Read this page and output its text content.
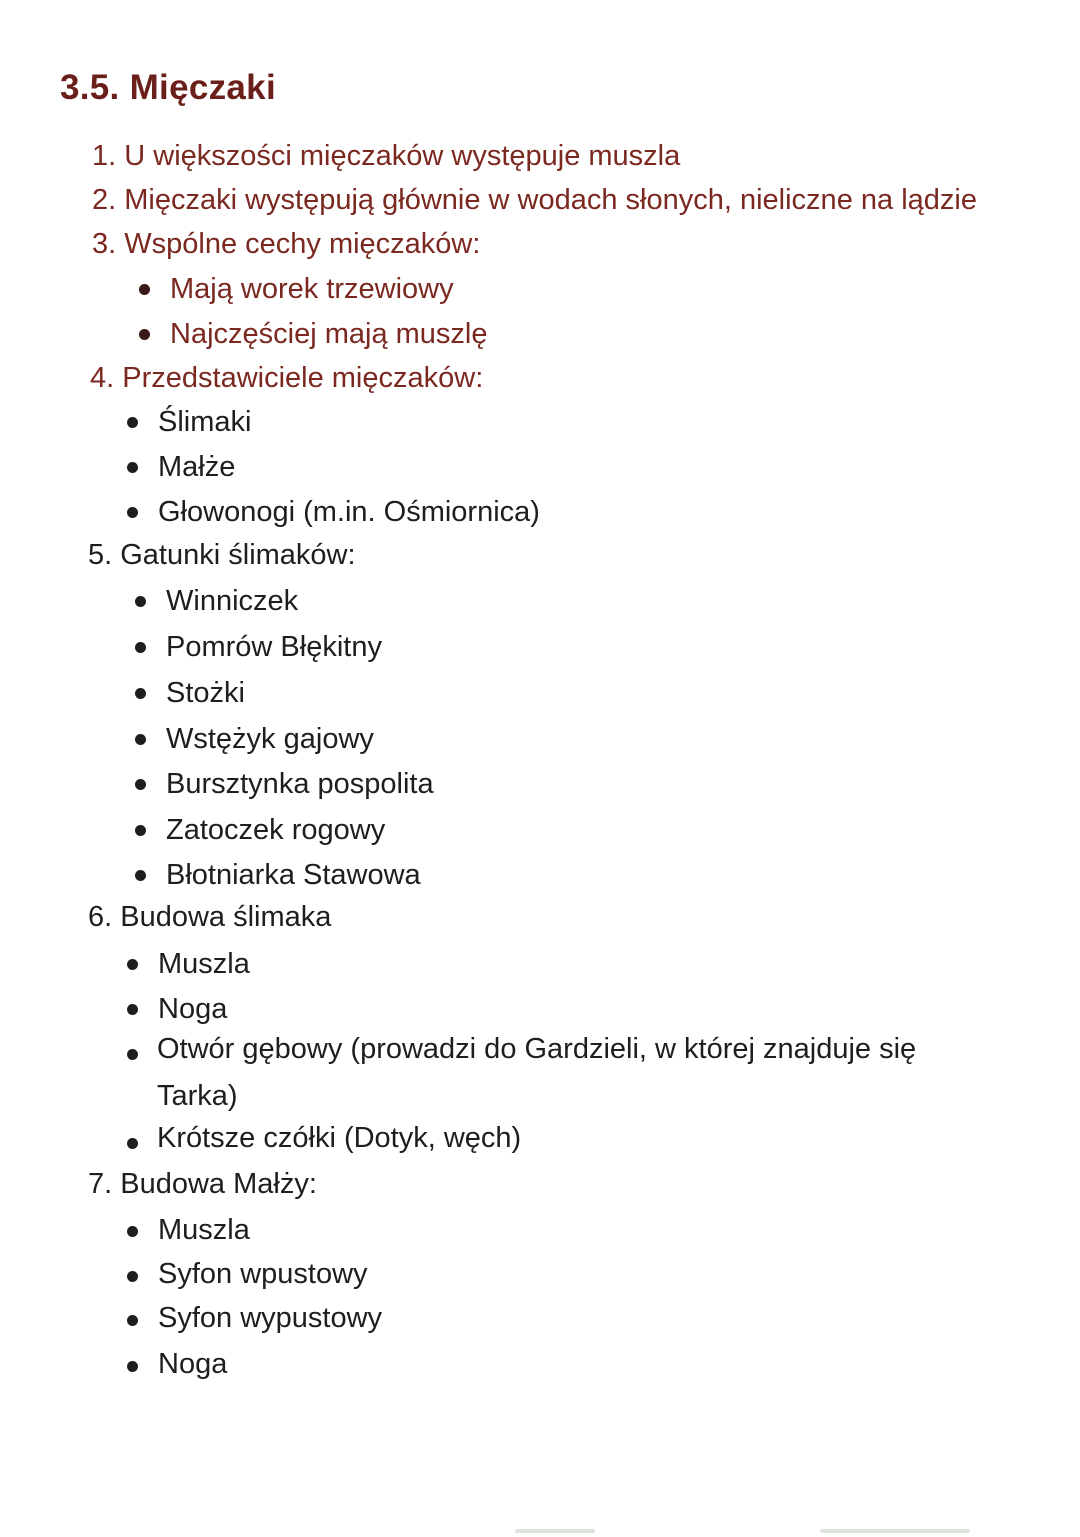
3.5. Mięczaki
1. U większości mięczaków występuje muszla
2. Mięczaki występują głównie w wodach słonych, nieliczne na lądzie
3. Wspólne cechy mięczaków:
Mają worek trzewiowy
Najczęściej mają muszlę
4. Przedstawiciele mięczaków:
Ślimaki
Małże
Głowonogi (m.in. Ośmiornica)
5. Gatunki ślimaków:
Winniczek
Pomrów Błękitny
Stożki
Wstężyk gajowy
Bursztynka pospolita
Zatoczek rogowy
Błotniarka Stawowa
6. Budowa ślimaka
Muszla
Noga
Otwór gębowy (prowadzi do Gardzieli, w której znajduje się
Tarka)
Krótsze czółki (Dotyk, węch)
7. Budowa Małży:
Muszla
Syfon wpustowy
Syfon wypustowy
Noga
